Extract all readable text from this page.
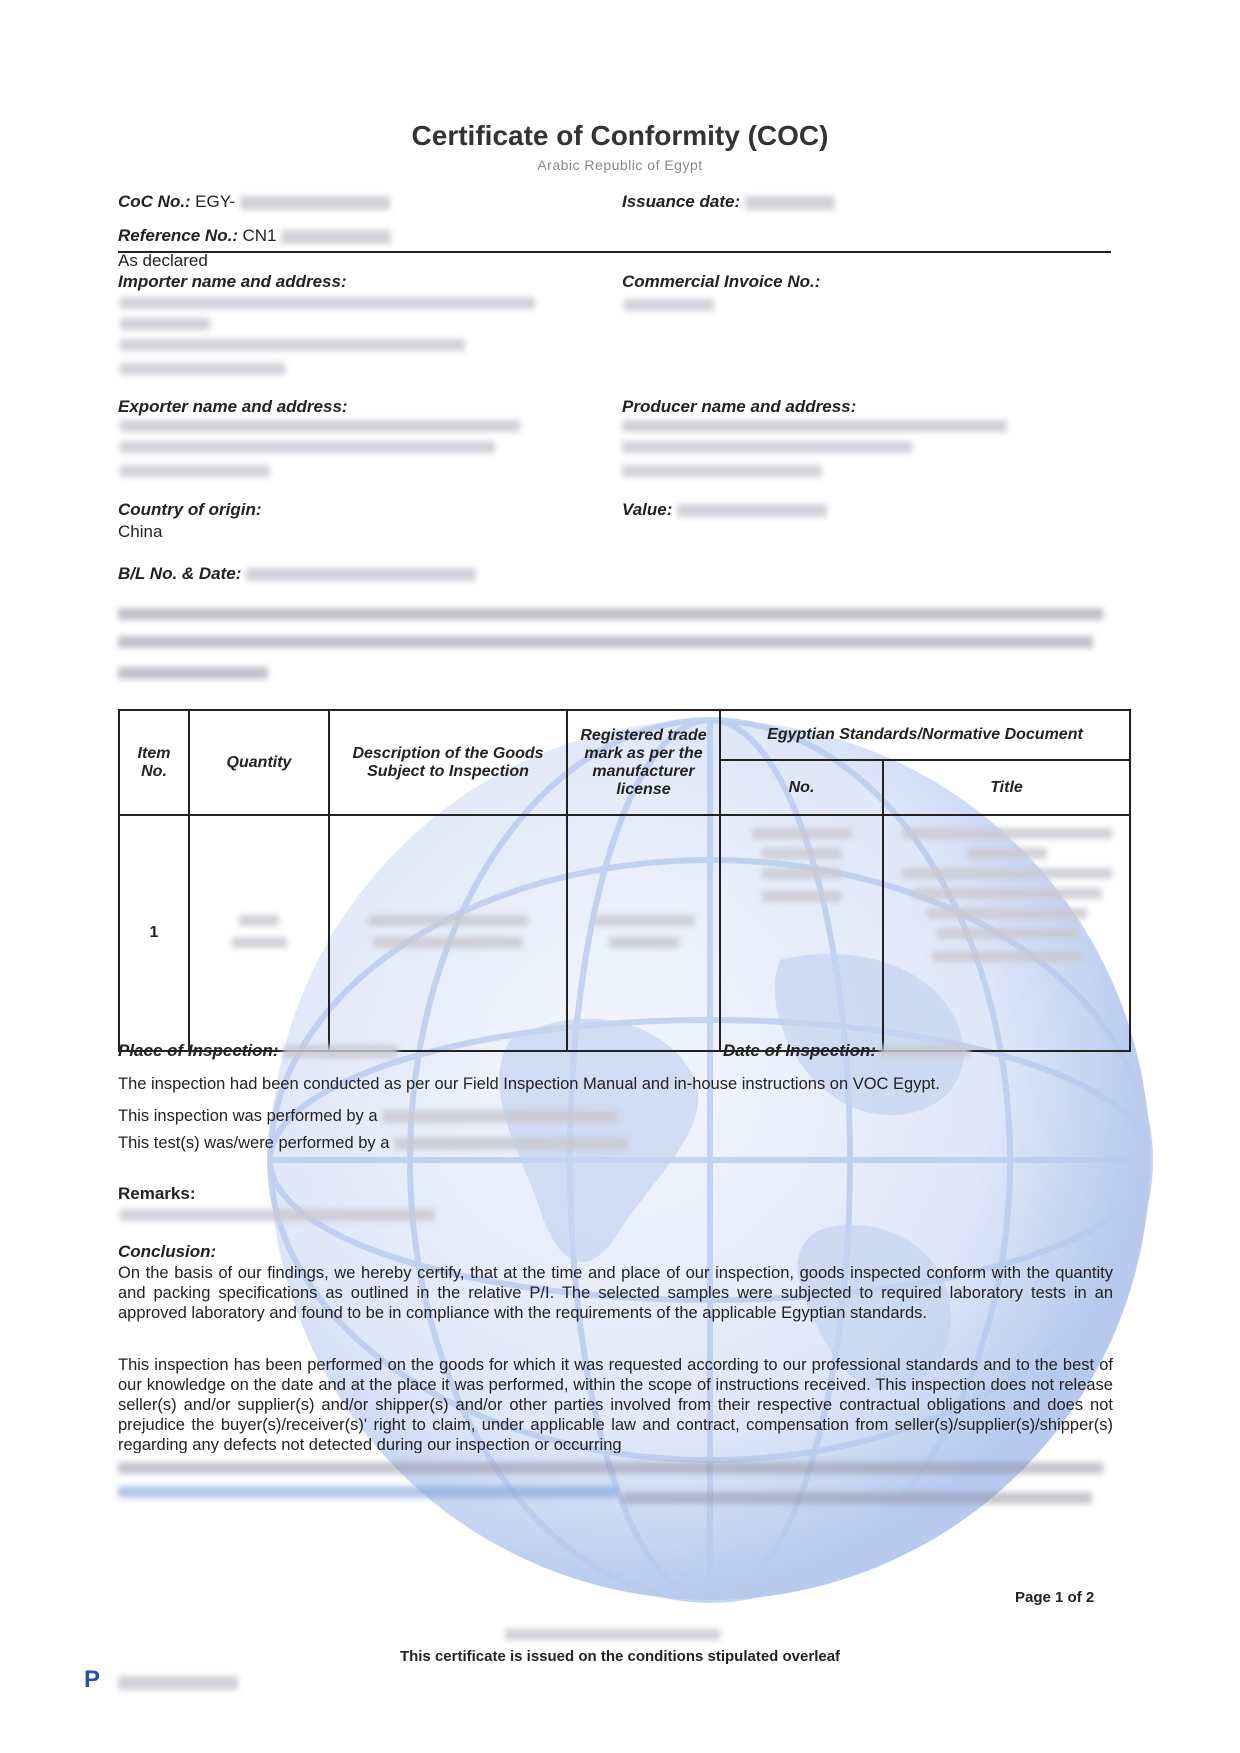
Certificate of Conformity (COC)
Arabic Republic of Egypt
CoC No.: EGY-	Issuance date:
Reference No.: CN1
As declared
Importer name and address:
	Commercial Invoice No.:
Exporter name and address:
	Producer name and address:

Country of origin:
China
Value:
B/L No. & Date:

Item No.	Quantity	Description of the Goods Subject to Inspection	Registered trade mark as per the manufacturer license	Egyptian Standards/Normative Document	
				No.	Title
1	

Place of Inspection:	Date of Inspection:
The inspection had been conducted as per our Field Inspection Manual and in-house instructions on VOC Egypt.
This inspection was performed by a
This test(s) was/were performed by a
Remarks:
Conclusion:
On the basis of our findings, we hereby certify, that at the time and place of our inspection, goods inspected conform with the quantity and packing specifications as outlined in the relative P/I. The selected samples were subjected to required laboratory tests in an approved laboratory and found to be in compliance with the requirements of the applicable Egyptian standards.
This inspection has been performed on the goods for which it was requested according to our professional standards and to the best of our knowledge on the date and at the place it was performed, within the scope of instructions received. This inspection does not release seller(s) and/or supplier(s) and/or shipper(s) and/or other parties involved from their respective contractual obligations and does not prejudice the buyer(s)/receiver(s)' right to claim, under applicable law and contract, compensation from seller(s)/supplier(s)/shipper(s) regarding any defects not detected during our inspection or occurring

Page 1 of 2
This certificate is issued on the conditions stipulated overleaf
P
